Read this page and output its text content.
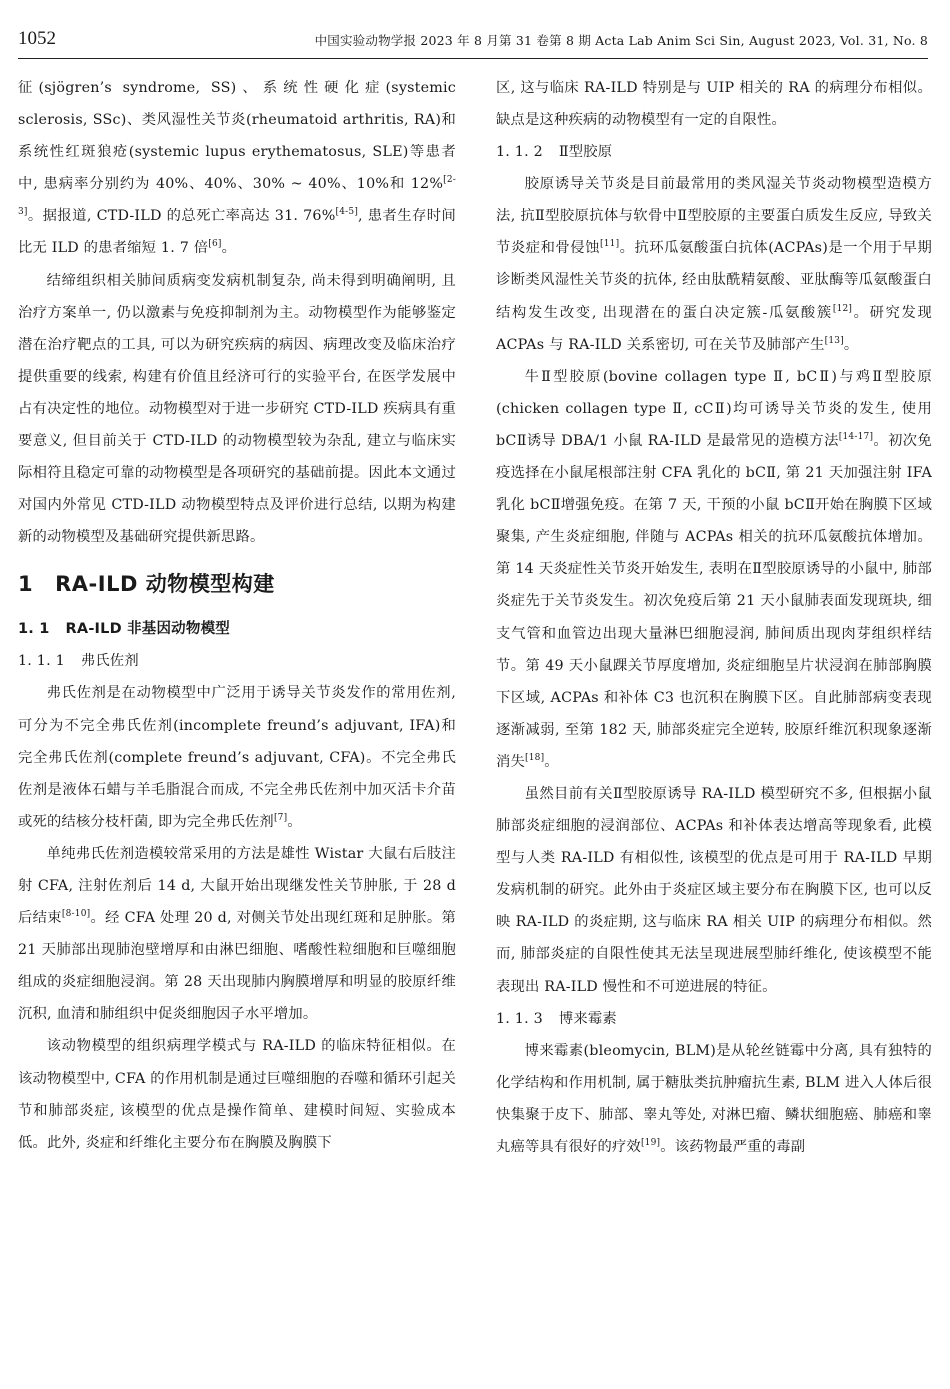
1052	中国实验动物学报 2023 年 8 月第 31 卷第 8 期 Acta Lab Anim Sci Sin, August 2023, Vol. 31, No. 8

征(sjögren’s syndrome, SS)、系统性硬化症(systemic sclerosis, SSc)、类风湿性关节炎(rheumatoid arthritis, RA)和系统性红斑狼疮(systemic lupus erythematosus, SLE)等患者中, 患病率分别约为 40%、40%、30% ~ 40%、10%和 12%[2-3]。据报道, CTD-ILD 的总死亡率高达 31. 76%[4-5], 患者生存时间比无 ILD 的患者缩短 1. 7 倍[6]。

结缔组织相关肺间质病变发病机制复杂, 尚未得到明确阐明, 且治疗方案单一, 仍以激素与免疫抑制剂为主。动物模型作为能够鉴定潜在治疗靶点的工具, 可以为研究疾病的病因、病理改变及临床治疗提供重要的线索, 构建有价值且经济可行的实验平台, 在医学发展中占有决定性的地位。动物模型对于进一步研究 CTD-ILD 疾病具有重要意义, 但目前关于 CTD-ILD 的动物模型较为杂乱, 建立与临床实际相符且稳定可靠的动物模型是各项研究的基础前提。因此本文通过对国内外常见 CTD-ILD 动物模型特点及评价进行总结, 以期为构建新的动物模型及基础研究提供新思路。

1 RA-ILD 动物模型构建
1. 1 RA-ILD 非基因动物模型
1. 1. 1 弗氏佐剂

弗氏佐剂是在动物模型中广泛用于诱导关节炎发作的常用佐剂, 可分为不完全弗氏佐剂(incomplete freund’s adjuvant, IFA)和完全弗氏佐剂(complete freund’s adjuvant, CFA)。不完全弗氏佐剂是液体石蜡与羊毛脂混合而成, 不完全弗氏佐剂中加灭活卡介苗或死的结核分枝杆菌, 即为完全弗氏佐剂[7]。

单纯弗氏佐剂造模较常采用的方法是雄性 Wistar 大鼠右后肢注射 CFA, 注射佐剂后 14 d, 大鼠开始出现继发性关节肿胀, 于 28 d 后结束[8-10]。经 CFA 处理 20 d, 对侧关节处出现红斑和足肿胀。第 21 天肺部出现肺泡壁增厚和由淋巴细胞、嗜酸性粒细胞和巨噬细胞组成的炎症细胞浸润。第 28 天出现肺内胸膜增厚和明显的胶原纤维沉积, 血清和肺组织中促炎细胞因子水平增加。

该动物模型的组织病理学模式与 RA-ILD 的临床特征相似。在该动物模型中, CFA 的作用机制是通过巨噬细胞的吞噬和循环引起关节和肺部炎症, 该模型的优点是操作简单、建模时间短、实验成本低。此外, 炎症和纤维化主要分布在胸膜及胸膜下

区, 这与临床 RA-ILD 特别是与 UIP 相关的 RA 的病理分布相似。缺点是这种疾病的动物模型有一定的自限性。

1. 1. 2 Ⅱ型胶原

胶原诱导关节炎是目前最常用的类风湿关节炎动物模型造模方法, 抗Ⅱ型胶原抗体与软骨中Ⅱ型胶原的主要蛋白质发生反应, 导致关节炎症和骨侵蚀[11]。抗环瓜氨酸蛋白抗体(ACPAs)是一个用于早期诊断类风湿性关节炎的抗体, 经由肽酰精氨酸、亚肽酶等瓜氨酸蛋白结构发生改变, 出现潜在的蛋白决定簇-瓜氨酸簇[12]。研究发现 ACPAs 与 RA-ILD 关系密切, 可在关节及肺部产生[13]。

牛Ⅱ型胶原(bovine collagen type Ⅱ, bCⅡ)与鸡Ⅱ型胶原(chicken collagen type Ⅱ, cCⅡ)均可诱导关节炎的发生, 使用 bCⅡ诱导 DBA/1 小鼠 RA-ILD 是最常见的造模方法[14-17]。初次免疫选择在小鼠尾根部注射 CFA 乳化的 bCⅡ, 第 21 天加强注射 IFA 乳化 bCⅡ增强免疫。在第 7 天, 干预的小鼠 bCⅡ开始在胸膜下区域聚集, 产生炎症细胞, 伴随与 ACPAs 相关的抗环瓜氨酸抗体增加。第 14 天炎症性关节炎开始发生, 表明在Ⅱ型胶原诱导的小鼠中, 肺部炎症先于关节炎发生。初次免疫后第 21 天小鼠肺表面发现斑块, 细支气管和血管边出现大量淋巴细胞浸润, 肺间质出现肉芽组织样结节。第 49 天小鼠踝关节厚度增加, 炎症细胞呈片状浸润在肺部胸膜下区域, ACPAs 和补体 C3 也沉积在胸膜下区。自此肺部病变表现逐渐减弱, 至第 182 天, 肺部炎症完全逆转, 胶原纤维沉积现象逐渐消失[18]。

虽然目前有关Ⅱ型胶原诱导 RA-ILD 模型研究不多, 但根据小鼠肺部炎症细胞的浸润部位、ACPAs 和补体表达增高等现象看, 此模型与人类 RA-ILD 有相似性, 该模型的优点是可用于 RA-ILD 早期发病机制的研究。此外由于炎症区域主要分布在胸膜下区, 也可以反映 RA-ILD 的炎症期, 这与临床 RA 相关 UIP 的病理分布相似。然而, 肺部炎症的自限性使其无法呈现进展型肺纤维化, 使该模型不能表现出 RA-ILD 慢性和不可逆进展的特征。

1. 1. 3 博来霉素

博来霉素(bleomycin, BLM)是从轮丝链霉中分离, 具有独特的化学结构和作用机制, 属于糖肽类抗肿瘤抗生素, BLM 进入人体后很快集聚于皮下、肺部、睾丸等处, 对淋巴瘤、鳞状细胞癌、肺癌和睾丸癌等具有很好的疗效[19]。该药物最严重的毒副
